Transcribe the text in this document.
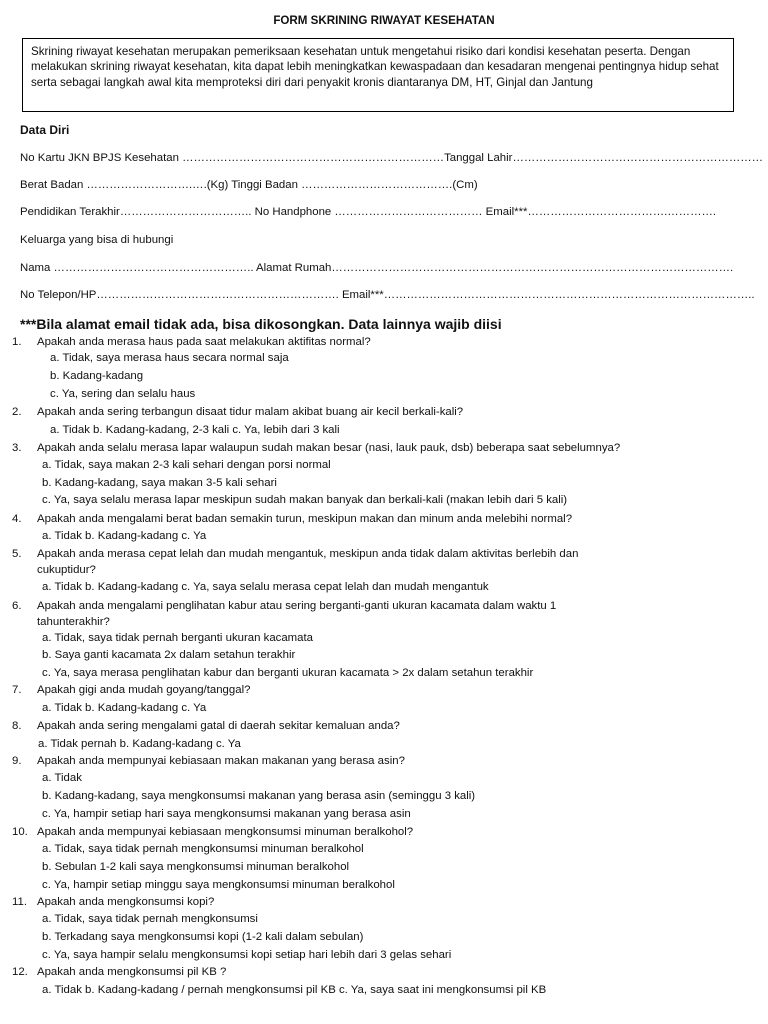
FORM SKRINING RIWAYAT KESEHATAN
Skrining riwayat kesehatan merupakan pemeriksaan kesehatan untuk mengetahui risiko dari kondisi kesehatan peserta. Dengan melakukan skrining riwayat kesehatan, kita dapat lebih meningkatkan kewaspadaan dan kesadaran mengenai pentingnya hidup sehat serta sebagai langkah awal kita memproteksi diri dari penyakit kronis diantaranya DM, HT, Ginjal dan Jantung
Data Diri
No Kartu JKN BPJS Kesehatan ……………………………………………………………Tanggal Lahir…………………………………………………………
Berat Badan ……………………….….(Kg) Tinggi Badan ………………………………….(Cm)
Pendidikan Terakhir…………………………….. No Handphone ………………………………… Email***……………………………….………….
Keluarga yang bisa di hubungi
Nama …………………………………………….. Alamat Rumah…………………………………………………………………………………………….
No Telepon/HP………………………………………………………. Email***……………………………………………………………………………………..
***Bila alamat email tidak ada, bisa dikosongkan. Data lainnya wajib diisi
1. Apakah anda merasa haus pada saat melakukan aktifitas normal?
a. Tidak, saya merasa haus secara normal saja
b. Kadang-kadang
c. Ya, sering dan selalu haus
2. Apakah anda sering terbangun disaat tidur malam akibat buang air kecil berkali-kali?
a. Tidak b. Kadang-kadang, 2-3 kali c. Ya, lebih dari 3 kali
3. Apakah anda selalu merasa lapar walaupun sudah makan besar (nasi, lauk pauk, dsb) beberapa saat sebelumnya?
a. Tidak, saya makan 2-3 kali sehari dengan porsi normal
b. Kadang-kadang, saya makan 3-5 kali sehari
c. Ya, saya selalu merasa lapar meskipun sudah makan banyak dan berkali-kali (makan lebih dari 5 kali)
4. Apakah anda mengalami berat badan semakin turun, meskipun makan dan minum anda melebihi normal?
a. Tidak b. Kadang-kadang c. Ya
5. Apakah anda merasa cepat lelah dan mudah mengantuk, meskipun anda tidak dalam aktivitas berlebih dan
cukuptidur?
a. Tidak b. Kadang-kadang c. Ya, saya selalu merasa cepat lelah dan mudah mengantuk
6. Apakah anda mengalami penglihatan kabur atau sering berganti-ganti ukuran kacamata dalam waktu 1
tahunterakhir?
a. Tidak, saya tidak pernah berganti ukuran kacamata
b. Saya ganti kacamata 2x dalam setahun terakhir
c. Ya, saya merasa penglihatan kabur dan berganti ukuran kacamata > 2x dalam setahun terakhir
7. Apakah gigi anda mudah goyang/tanggal?
a. Tidak b. Kadang-kadang c. Ya
8. Apakah anda sering mengalami gatal di daerah sekitar kemaluan anda?
a. Tidak pernah b. Kadang-kadang c. Ya
9. Apakah anda mempunyai kebiasaan makan makanan yang berasa asin?
a. Tidak
b. Kadang-kadang, saya mengkonsumsi makanan yang berasa asin (seminggu 3 kali)
c. Ya, hampir setiap hari saya mengkonsumsi makanan yang berasa asin
10. Apakah anda mempunyai kebiasaan mengkonsumsi minuman beralkohol?
a. Tidak, saya tidak pernah mengkonsumsi minuman beralkohol
b. Sebulan 1-2 kali saya mengkonsumsi minuman beralkohol
c. Ya, hampir setiap minggu saya mengkonsumsi minuman beralkohol
11. Apakah anda mengkonsumsi kopi?
a. Tidak, saya tidak pernah mengkonsumsi
b. Terkadang saya mengkonsumsi kopi (1-2 kali dalam sebulan)
c. Ya, saya hampir selalu mengkonsumsi kopi setiap hari lebih dari 3 gelas sehari
12. Apakah anda mengkonsumsi pil KB ?
a. Tidak b. Kadang-kadang / pernah mengkonsumsi pil KB c. Ya, saya saat ini mengkonsumsi pil KB
